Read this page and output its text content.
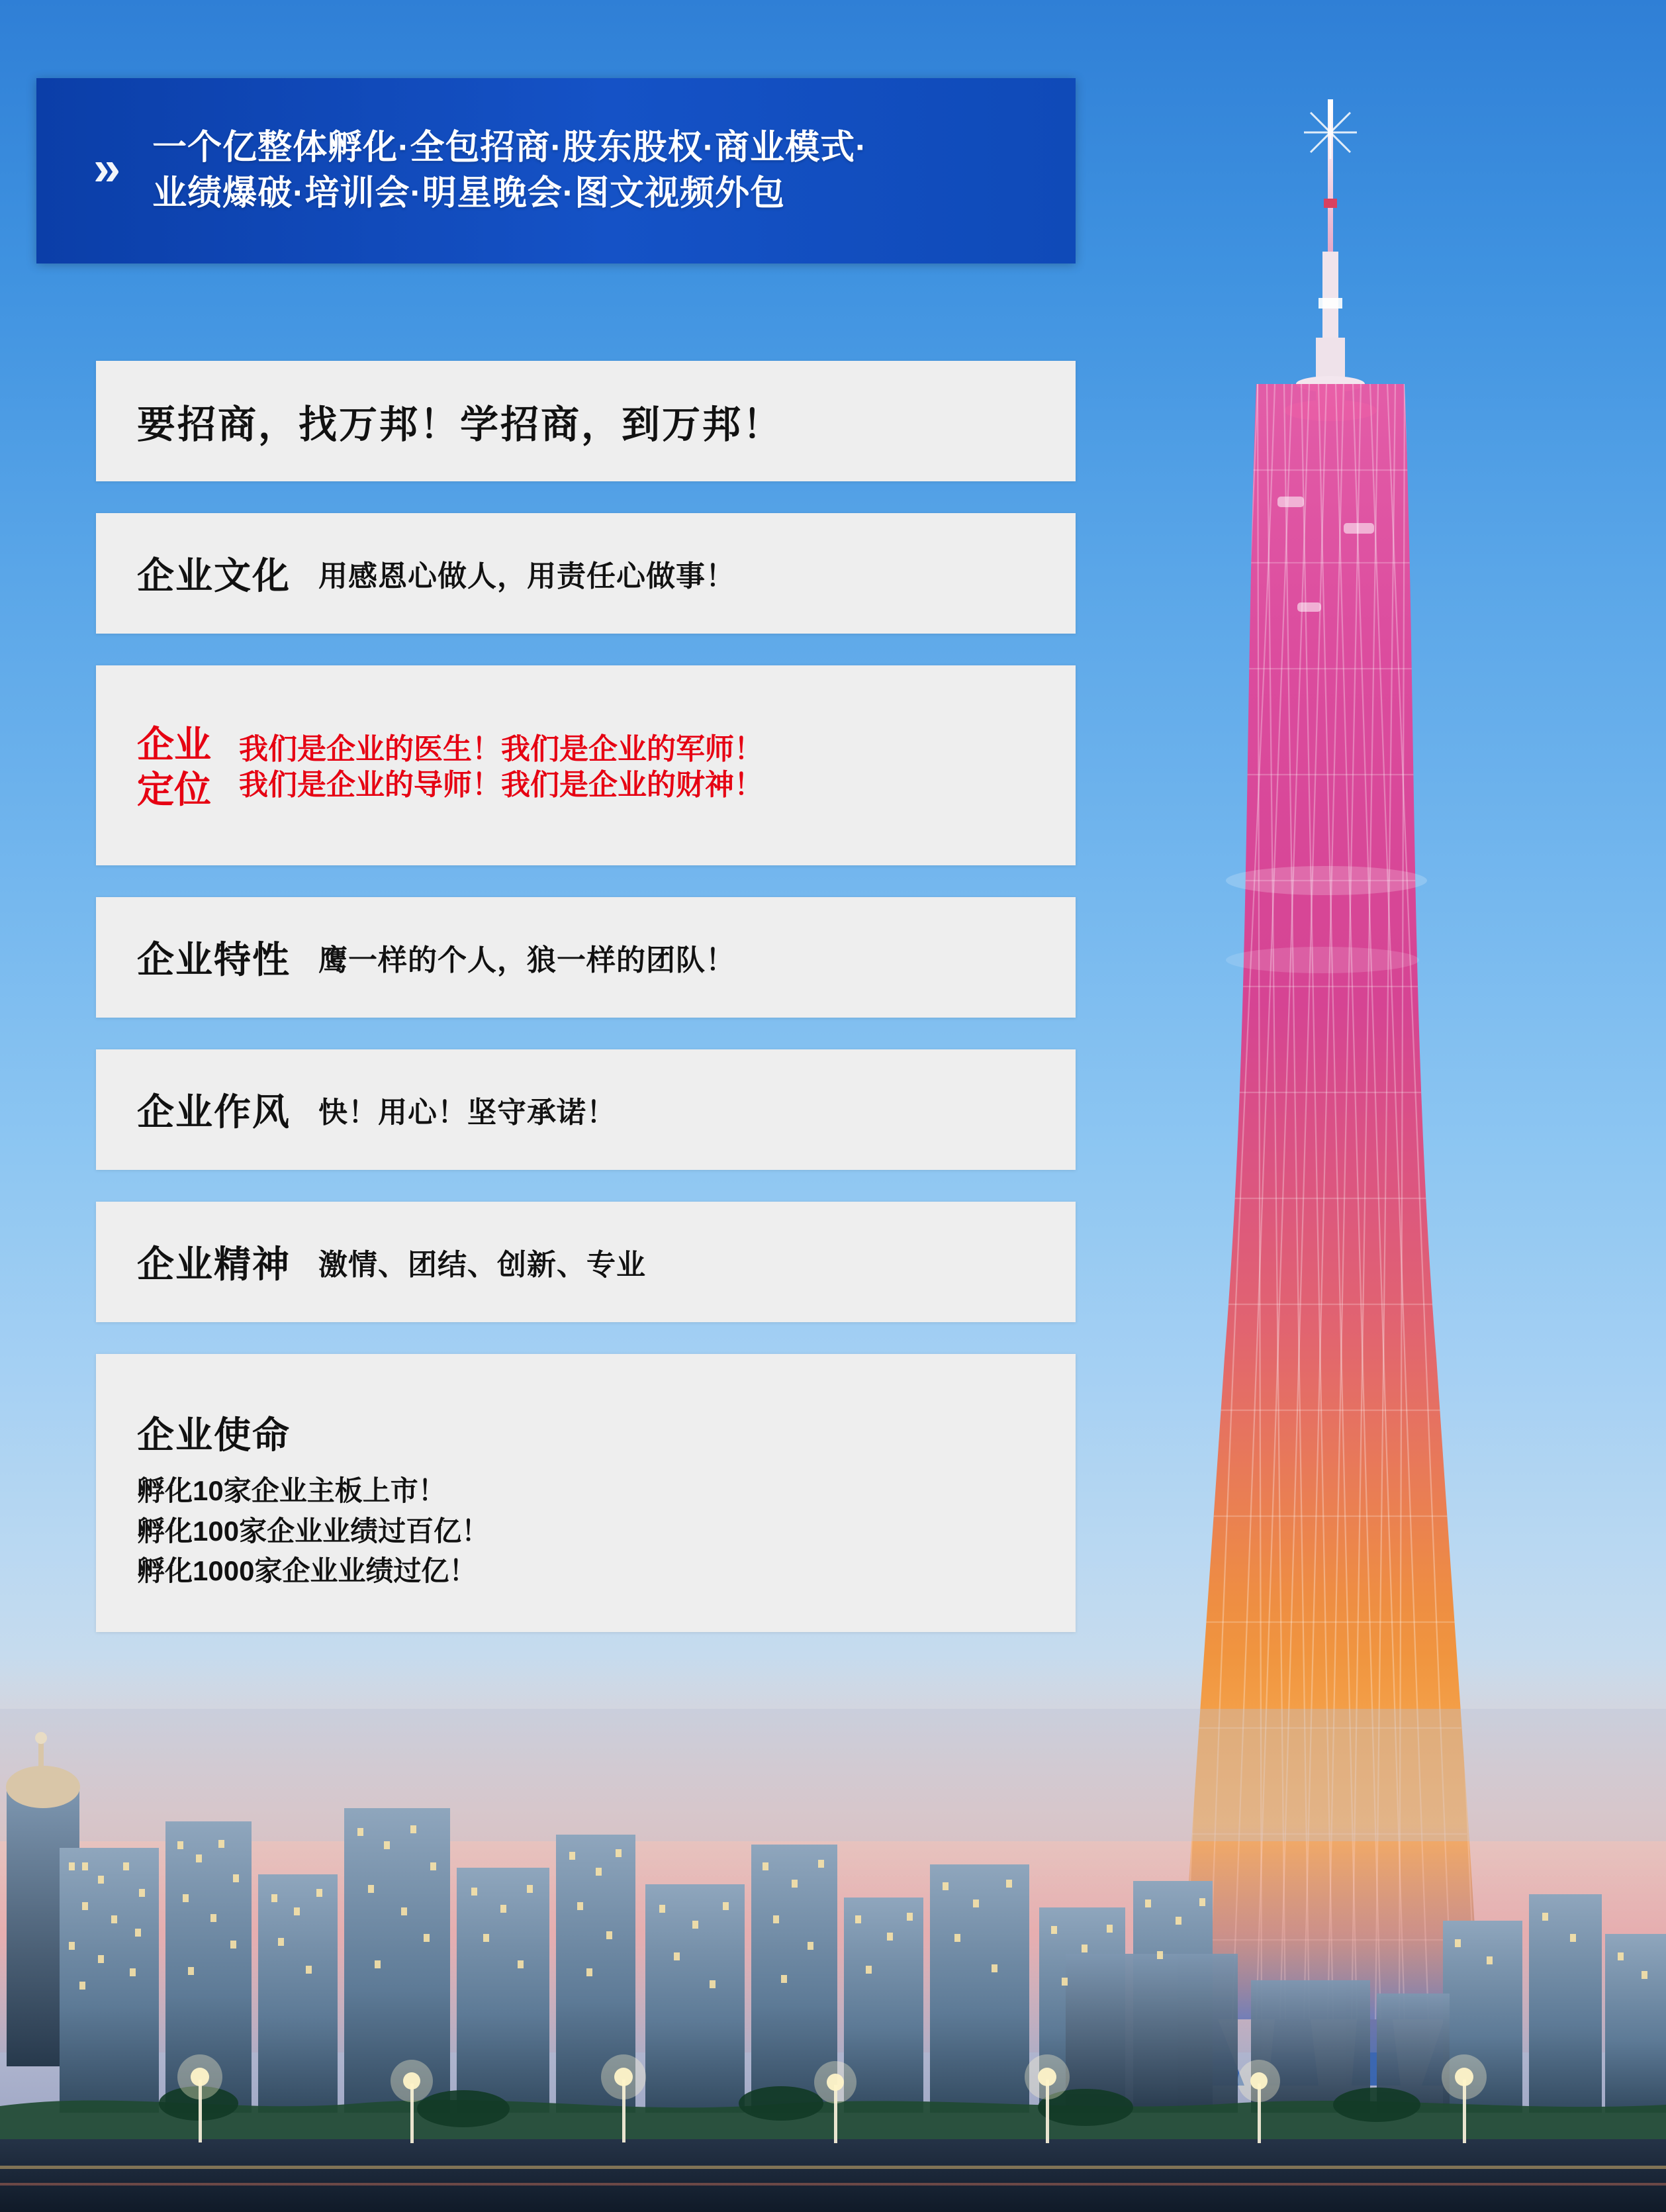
» 一个亿整体孵化·全包招商·股东股权·商业模式·
业绩爆破·培训会·明星晚会·图文视频外包
要招商，找万邦！学招商，到万邦！
企业文化 用感恩心做人，用责任心做事！
企业
定位
我们是企业的医生！我们是企业的军师！
我们是企业的导师！我们是企业的财神！
企业特性 鹰一样的个人，狼一样的团队！
企业作风 快！用心！坚守承诺！
企业精神 激情、团结、创新、专业
企业使命
孵化10家企业主板上市！
孵化100家企业业绩过百亿！
孵化1000家企业业绩过亿！
